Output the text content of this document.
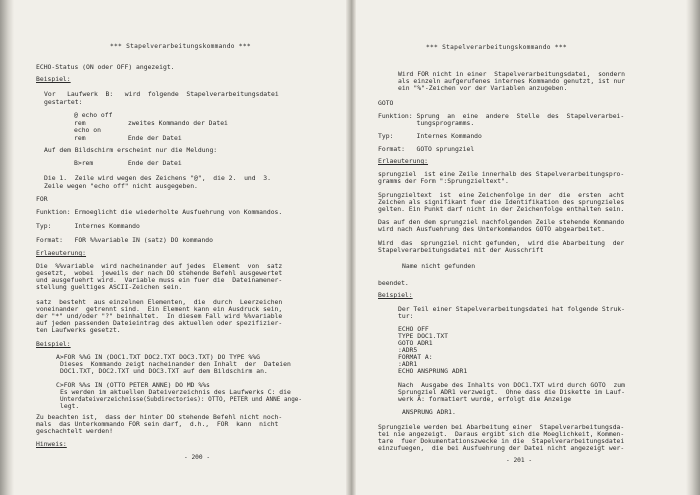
*** Stapelverarbeitungskommando ***
ECHO-Status (ON oder OFF) angezeigt.
Beispiel:
Vor   Laufwerk  B:   wird  folgende  Stapelverarbeitungsdatei
gestartet:
@ echo off
rem           zweites Kommando der Datei
echo on
rem           Ende der Datei
Auf dem Bildschirm erscheint nur die Meldung:
B>rem         Ende der Datei
Die 1.  Zeile wird wegen des Zeichens "@",  die 2.  und  3.
Zeile wegen "echo off" nicht ausgegeben.
FOR
Funktion: Ermoeglicht die wiederholte Ausfuehrung von Kommandos.
Typ:      Internes Kommando
Format:   FOR %%variable IN (satz) DO kommando
Erlaeuterung:
Die  %%variable  wird nacheinander auf jedes  Element  von  satz
gesetzt,  wobei  jeweils der nach DO stehende Befehl ausgewertet
und ausgefuehrt wird.  Variable muss ein fuer die  Dateinamener-
stellung gueltiges ASCII-Zeichen sein.
satz  besteht  aus einzelnen Elementen,  die  durch  Leerzeichen
voneinander  getrennt sind.  Ein Element kann ein Ausdruck sein,
der "*" und/oder "?" beinhaltet.  In diesem Fall wird %%variable
auf jeden passenden Dateieintrag des aktuellen oder spezifizier-
ten Laufwerks gesetzt.
Beispiel:
A>FOR %%G IN (DOC1.TXT DOC2.TXT DOC3.TXT) DO TYPE %%G
Dieses  Kommando zeigt nacheinander den Inhalt  der  Dateien
DOC1.TXT, DOC2.TXT und DOC3.TXT auf dem Bildschirm an.
C>FOR %%s IN (OTTO PETER ANNE) DO MD %%s
Es werden im aktuellen Dateiverzeichnis des Laufwerks C: die
Unterdateiverzeichnisse(Subdirectories): OTTO, PETER und ANNE ange-
legt.
Zu beachten ist,  dass der hinter DO stehende Befehl nicht noch-
mals  das Unterkommando FOR sein darf,  d.h.,  FOR  kann  nicht
geschachtelt werden!
Hinweis:
- 200 -
*** Stapelverarbeitungskommando ***
Wird FOR nicht in einer  Stapelverarbeitungsdatei,  sondern
als einzeln aufgerufenes internes Kommando genutzt, ist nur
ein "%"-Zeichen vor der Variablen anzugeben.
GOTO
Funktion: Sprung  an  eine  andere  Stelle  des  Stapelverarbei-
tungsprogramms.
Typ:      Internes Kommando
Format:   GOTO sprungziel
Erlaeuterung:
sprungziel  ist eine Zeile innerhalb des Stapelverarbeitungspro-
gramms der Form ":Sprungzieltext".
Sprungzieltext  ist  eine Zeichenfolge in der  die  ersten  acht
Zeichen als signifikant fuer die Identifikation des sprungzieles
gelten. Ein Punkt darf nicht in der Zeichenfolge enthalten sein.
Das auf den dem sprungziel nachfolgenden Zeile stehende Kommando
wird nach Ausfuehrung des Unterkommandos GOTO abgearbeitet.
Wird  das  sprungziel nicht gefunden,  wird die Abarbeitung  der
Stapelverarbeitungsdatei mit der Ausschrift
Name nicht gefunden
beendet.
Beispiel:
Der Teil einer Stapelverarbeitungsdatei hat folgende Struk-
tur:
ECHO OFF
TYPE DOC1.TXT
GOTO ADR1
:ADR5
FORMAT A:
:ADR1
ECHO ANSPRUNG ADR1
Nach  Ausgabe des Inhalts von DOC1.TXT wird durch GOTO  zum
Sprungziel ADR1 verzweigt.  Ohne dass die Diskette im Lauf-
werk A: formatiert wurde, erfolgt die Anzeige
ANSPRUNG ADR1.
Sprungziele werden bei Abarbeitung einer  Stapelverarbeitungsda-
tei nie angezeigt.  Daraus ergibt sich die Moeglichkeit, Kommen-
tare  fuer Dokumentationszwecke in die  Stapelverarbeitungsdatei
einzufuegen,  die bei Ausfuehrung der Datei nicht angezeigt wer-
- 201 -
